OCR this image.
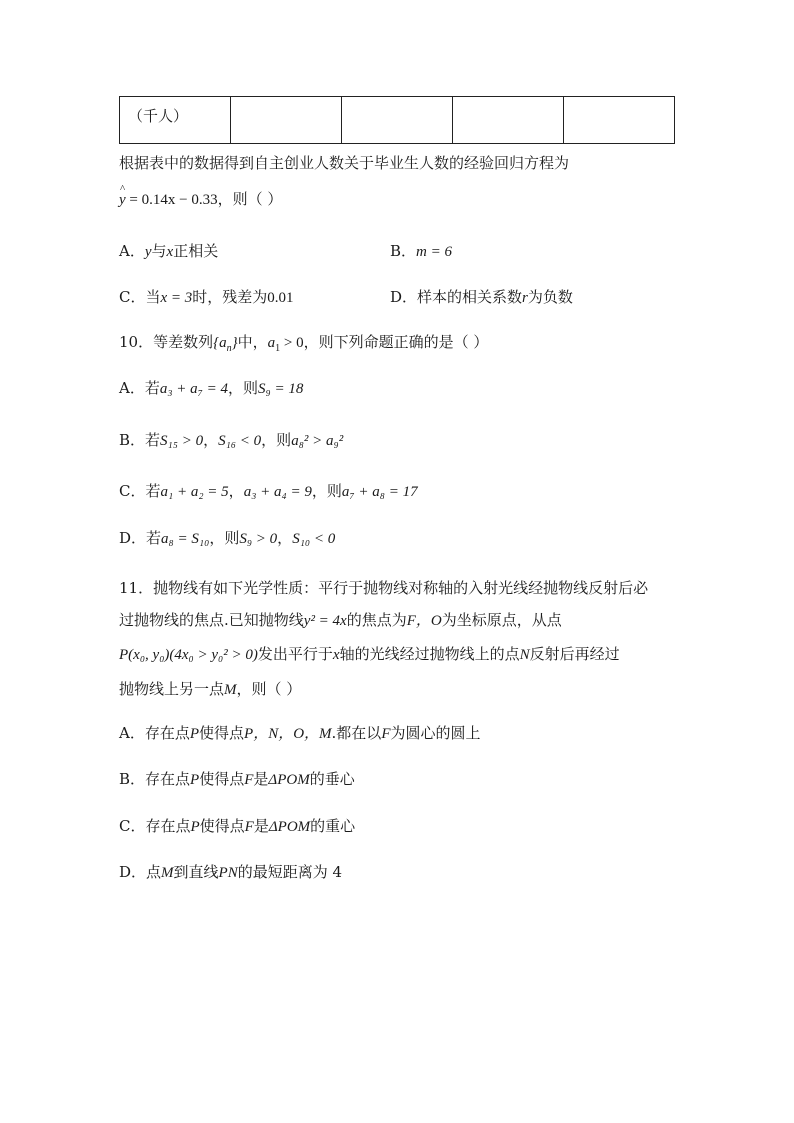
（千人）

根据表中的数据得到自主创业人数关于毕业生人数的经验回归方程为
^
y = 0.14x − 0.33，则（ ）
A．y与x正相关	B．m = 6
C．当x = 3时，残差为0.01	D．样本的相关系数r为负数
10．等差数列$\{a_n\}$中，$a_1 > 0$，则下列命题正确的是（ ）
A．若a₃ + a₇ = 4，则S₉ = 18
B．若S₁₅ > 0，S₁₆ < 0，则a₈² > a₉²
C．若a₁ + a₂ = 5，a₃ + a₄ = 9，则a₇ + a₈ = 17
D．若a₈ = S₁₀，则S₉ > 0，S₁₀ < 0
11．抛物线有如下光学性质：平行于抛物线对称轴的入射光线经抛物线反射后必
过抛物线的焦点.已知抛物线y² = 4x的焦点为F，O为坐标原点，从点
P(x₀, y₀)(4x₀ > y₀² > 0)发出平行于x轴的光线经过抛物线上的点N反射后再经过
抛物线上另一点M，则（ ）
A．存在点P使得点P，N，O，M.都在以F为圆心的圆上
B．存在点P使得点F是ΔPOM的垂心
C．存在点P使得点F是ΔPOM的重心
D．点M到直线PN的最短距离为 4
